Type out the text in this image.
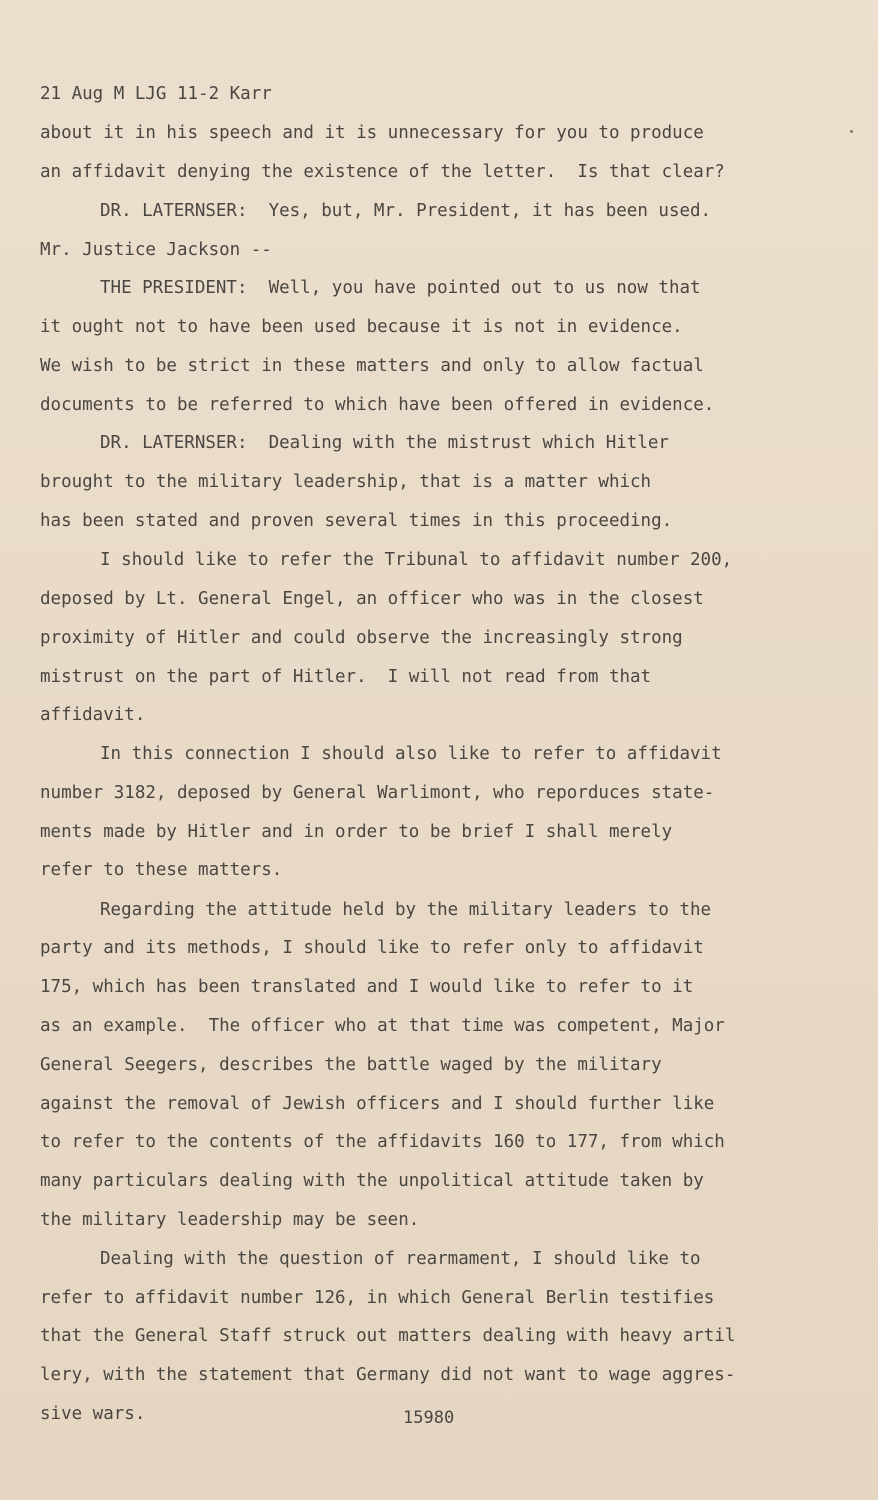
21 Aug M LJG 11-2 Karr
about it in his speech and it is unnecessary for you to produce
an affidavit denying the existence of the letter.  Is that clear?
DR. LATERNSER:  Yes, but, Mr. President, it has been used.
Mr. Justice Jackson --
THE PRESIDENT:  Well, you have pointed out to us now that
it ought not to have been used because it is not in evidence.
We wish to be strict in these matters and only to allow factual
documents to be referred to which have been offered in evidence.
DR. LATERNSER:  Dealing with the mistrust which Hitler
brought to the military leadership, that is a matter which
has been stated and proven several times in this proceeding.
I should like to refer the Tribunal to affidavit number 200,
deposed by Lt. General Engel, an officer who was in the closest
proximity of Hitler and could observe the increasingly strong
mistrust on the part of Hitler.  I will not read from that
affidavit.
In this connection I should also like to refer to affidavit
number 3182, deposed by General Warlimont, who reporduces state-
ments made by Hitler and in order to be brief I shall merely
refer to these matters.
Regarding the attitude held by the military leaders to the
party and its methods, I should like to refer only to affidavit
175, which has been translated and I would like to refer to it
as an example.  The officer who at that time was competent, Major
General Seegers, describes the battle waged by the military
against the removal of Jewish officers and I should further like
to refer to the contents of the affidavits 160 to 177, from which
many particulars dealing with the unpolitical attitude taken by
the military leadership may be seen.
Dealing with the question of rearmament, I should like to
refer to affidavit number 126, in which General Berlin testifies
that the General Staff struck out matters dealing with heavy artil
lery, with the statement that Germany did not want to wage aggres-
sive wars.	15980
